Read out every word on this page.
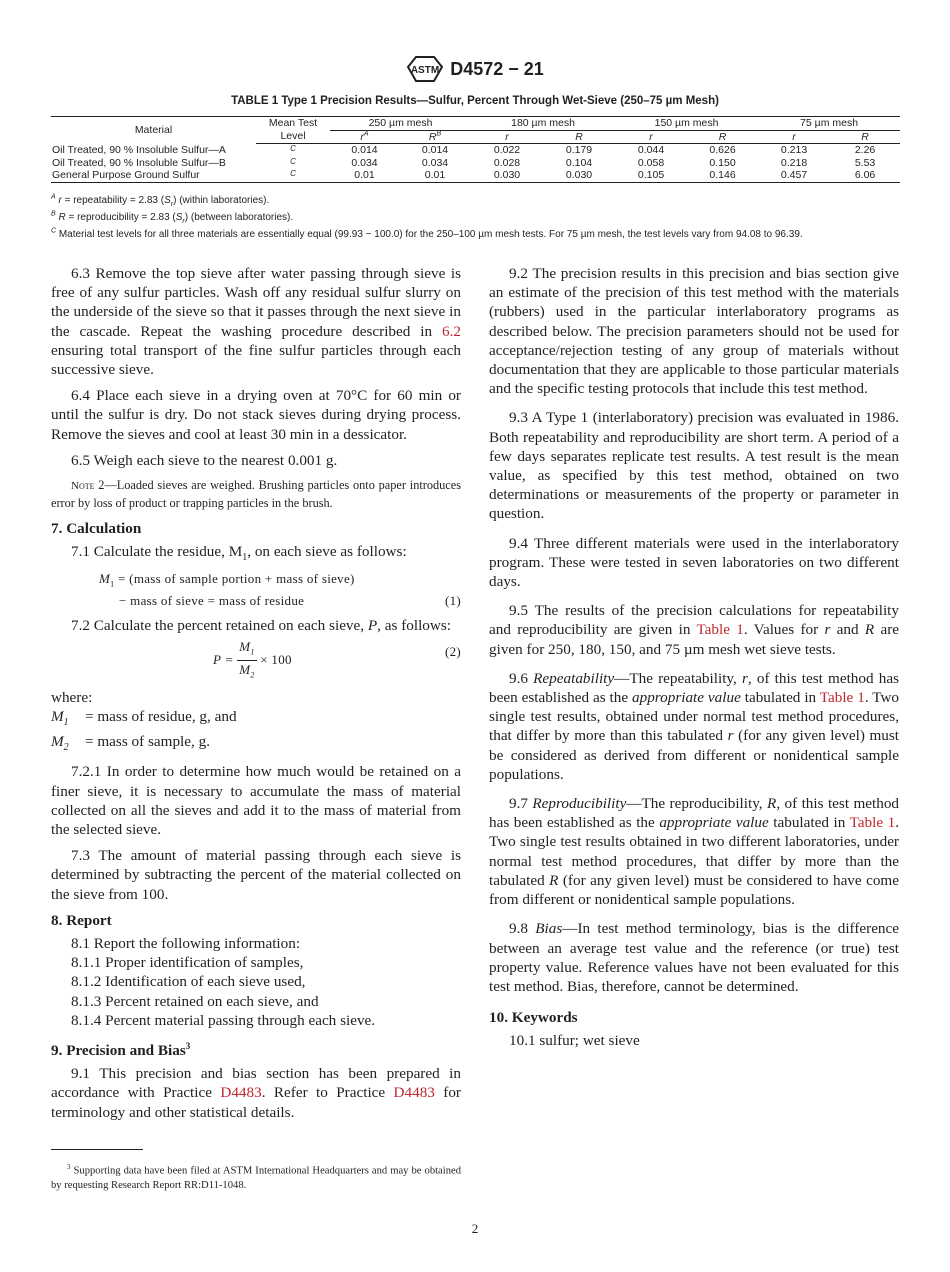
ASTM D4572 − 21
TABLE 1 Type 1 Precision Results—Sulfur, Percent Through Wet-Sieve (250–75 µm Mesh)
Material	Mean Test	250 µm mesh		180 µm mesh		150 µm mesh		75 µm mesh	
	Level	r$^A$	R$^B$	r	R	r	R	r	R
Oil Treated, 90 % Insoluble Sulfur—A	C	0.014	0.014	0.022	0.179	0.044	0.626	0.213	2.26
Oil Treated, 90 % Insoluble Sulfur—B	C	0.034	0.034	0.028	0.104	0.058	0.150	0.218	5.53
General Purpose Ground Sulfur	C	0.01	0.01	0.030	0.030	0.105	0.146	0.457	6.06
$^A$ r = repeatability = 2.83 $(S_r)$ (within laboratories).
$^B$ R = reproducibility = 2.83 $(S_r)$ (between laboratories).
$^C$ Material test levels for all three materials are essentially equal (99.93 − 100.0) for the 250–100 µm mesh tests. For 75 µm mesh, the test levels vary from 94.08 to 96.39.

6.3 Remove the top sieve after water passing through sieve is free of any sulfur particles. Wash off any residual sulfur slurry on the underside of the sieve so that it passes through the next sieve in the cascade. Repeat the washing procedure described in 6.2 ensuring total transport of the fine sulfur particles through each successive sieve.

6.4 Place each sieve in a drying oven at 70°C for 60 min or until the sulfur is dry. Do not stack sieves during drying process. Remove the sieves and cool at least 30 min in a dessicator.

6.5 Weigh each sieve to the nearest 0.001 g.

Note 2—Loaded sieves are weighed. Brushing particles onto paper introduces error by loss of product or trapping particles in the brush.

7. Calculation

7.1 Calculate the residue, $M_1$, on each sieve as follows:

$M_1$ = (mass of sample portion + mass of sieve)
− mass of sieve = mass of residue	(1)

7.2 Calculate the percent retained on each sieve, P, as follows:

$P = \frac{M_1}{M_2} \times 100$
(2)
where:
$M_1$ = mass of residue, g, and
$M_2$ = mass of sample, g.

7.2.1 In order to determine how much would be retained on a finer sieve, it is necessary to accumulate the mass of material collected on all the sieves and add it to the mass of material from the selected sieve.

7.3 The amount of material passing through each sieve is determined by subtracting the percent of the material collected on the sieve from 100.

8. Report

8.1 Report the following information:

8.1.1 Proper identification of samples,

8.1.2 Identification of each sieve used,

8.1.3 Percent retained on each sieve, and

8.1.4 Percent material passing through each sieve.

9. Precision and Bias$^3$

9.1 This precision and bias section has been prepared in accordance with Practice D4483. Refer to Practice D4483 for terminology and other statistical details.

9.2 The precision results in this precision and bias section give an estimate of the precision of this test method with the materials (rubbers) used in the particular interlaboratory programs as described below. The precision parameters should not be used for acceptance/rejection testing of any group of materials without documentation that they are applicable to those particular materials and the specific testing protocols that include this test method.

9.3 A Type 1 (interlaboratory) precision was evaluated in 1986. Both repeatability and reproducibility are short term. A period of a few days separates replicate test results. A test result is the mean value, as specified by this test method, obtained on two determinations or measurements of the property or parameter in question.

9.4 Three different materials were used in the interlaboratory program. These were tested in seven laboratories on two different days.

9.5 The results of the precision calculations for repeatability and reproducibility are given in Table 1. Values for r and R are given for 250, 180, 150, and 75 µm mesh wet sieve tests.

9.6 Repeatability—The repeatability, r, of this test method has been established as the appropriate value tabulated in Table 1. Two single test results, obtained under normal test method procedures, that differ by more than this tabulated r (for any given level) must be considered as derived from different or nonidentical sample populations.

9.7 Reproducibility—The reproducibility, R, of this test method has been established as the appropriate value tabulated in Table 1. Two single test results obtained in two different laboratories, under normal test method procedures, that differ by more than the tabulated R (for any given level) must be considered to have come from different or nonidentical sample populations.

9.8 Bias—In test method terminology, bias is the difference between an average test value and the reference (or true) test property value. Reference values have not been evaluated for this test method. Bias, therefore, cannot be determined.

10. Keywords

10.1 sulfur; wet sieve

$^3$ Supporting data have been filed at ASTM International Headquarters and may be obtained by requesting Research Report RR:D11-1048.
2
